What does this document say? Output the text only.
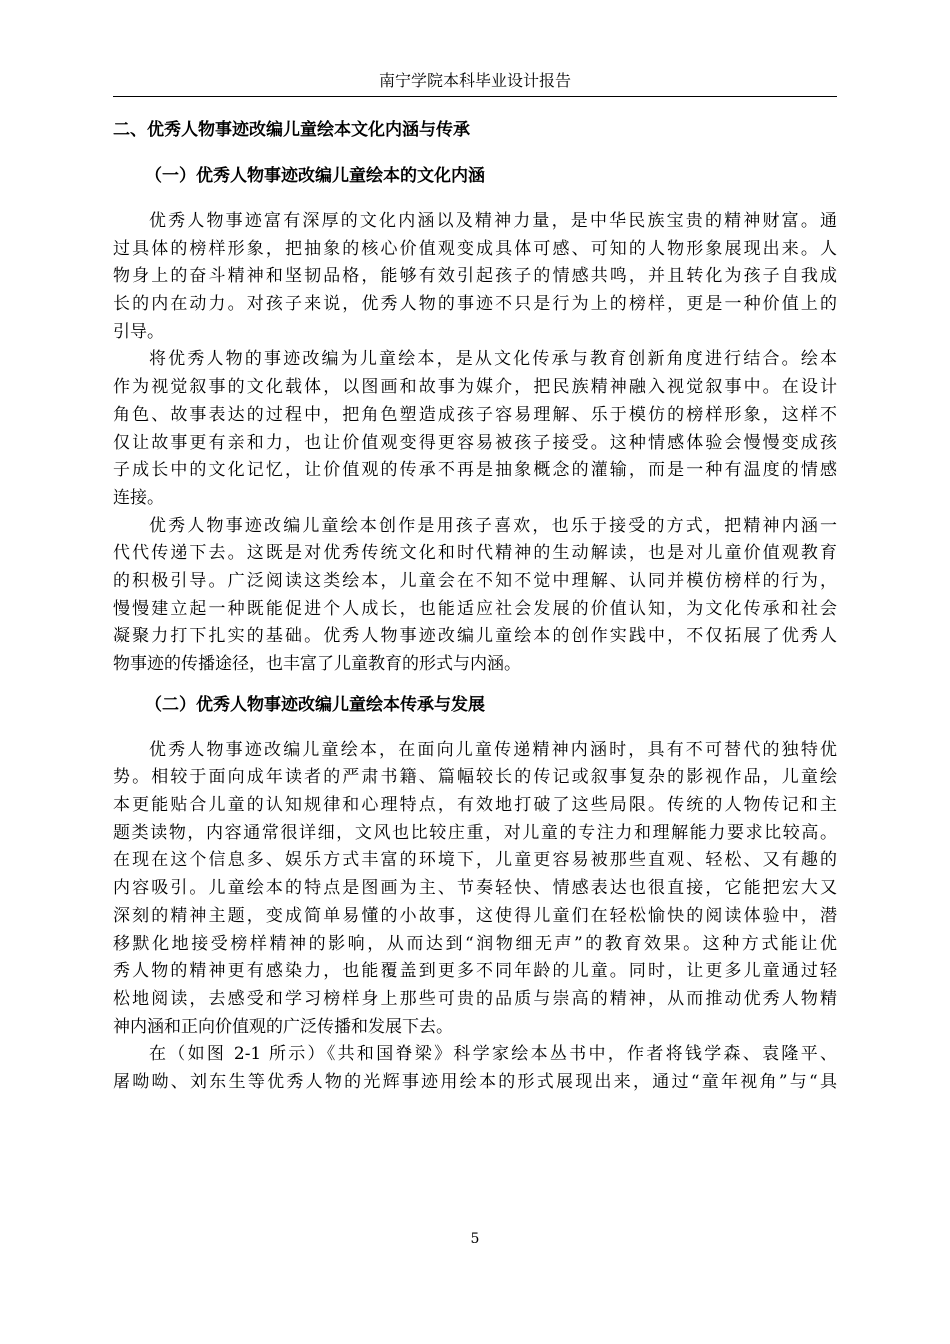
南宁学院本科毕业设计报告
二、优秀人物事迹改编儿童绘本文化内涵与传承
（一）优秀人物事迹改编儿童绘本的文化内涵
优秀人物事迹富有深厚的文化内涵以及精神力量，是中华民族宝贵的精神财富。通
过具体的榜样形象，把抽象的核心价值观变成具体可感、可知的人物形象展现出来。人
物身上的奋斗精神和坚韧品格，能够有效引起孩子的情感共鸣，并且转化为孩子自我成
长的内在动力。对孩子来说，优秀人物的事迹不只是行为上的榜样，更是一种价值上的
引导。
将优秀人物的事迹改编为儿童绘本，是从文化传承与教育创新角度进行结合。绘本
作为视觉叙事的文化载体，以图画和故事为媒介，把民族精神融入视觉叙事中。在设计
角色、故事表达的过程中，把角色塑造成孩子容易理解、乐于模仿的榜样形象，这样不
仅让故事更有亲和力，也让价值观变得更容易被孩子接受。这种情感体验会慢慢变成孩
子成长中的文化记忆，让价值观的传承不再是抽象概念的灌输，而是一种有温度的情感
连接。
优秀人物事迹改编儿童绘本创作是用孩子喜欢，也乐于接受的方式，把精神内涵一
代代传递下去。这既是对优秀传统文化和时代精神的生动解读，也是对儿童价值观教育
的积极引导。广泛阅读这类绘本，儿童会在不知不觉中理解、认同并模仿榜样的行为，
慢慢建立起一种既能促进个人成长，也能适应社会发展的价值认知，为文化传承和社会
凝聚力打下扎实的基础。优秀人物事迹改编儿童绘本的创作实践中，不仅拓展了优秀人
物事迹的传播途径，也丰富了儿童教育的形式与内涵。
（二）优秀人物事迹改编儿童绘本传承与发展
优秀人物事迹改编儿童绘本，在面向儿童传递精神内涵时，具有不可替代的独特优
势。相较于面向成年读者的严肃书籍、篇幅较长的传记或叙事复杂的影视作品，儿童绘
本更能贴合儿童的认知规律和心理特点，有效地打破了这些局限。传统的人物传记和主
题类读物，内容通常很详细，文风也比较庄重，对儿童的专注力和理解能力要求比较高。
在现在这个信息多、娱乐方式丰富的环境下，儿童更容易被那些直观、轻松、又有趣的
内容吸引。儿童绘本的特点是图画为主、节奏轻快、情感表达也很直接，它能把宏大又
深刻的精神主题，变成简单易懂的小故事，这使得儿童们在轻松愉快的阅读体验中，潜
移默化地接受榜样精神的影响，从而达到“润物细无声”的教育效果。这种方式能让优
秀人物的精神更有感染力，也能覆盖到更多不同年龄的儿童。同时，让更多儿童通过轻
松地阅读，去感受和学习榜样身上那些可贵的品质与崇高的精神，从而推动优秀人物精
神内涵和正向价值观的广泛传播和发展下去。
在（如图 2-1 所示）《共和国脊梁》科学家绘本丛书中，作者将钱学森、袁隆平、
屠呦呦、刘东生等优秀人物的光辉事迹用绘本的形式展现出来，通过“童年视角”与“具
5
